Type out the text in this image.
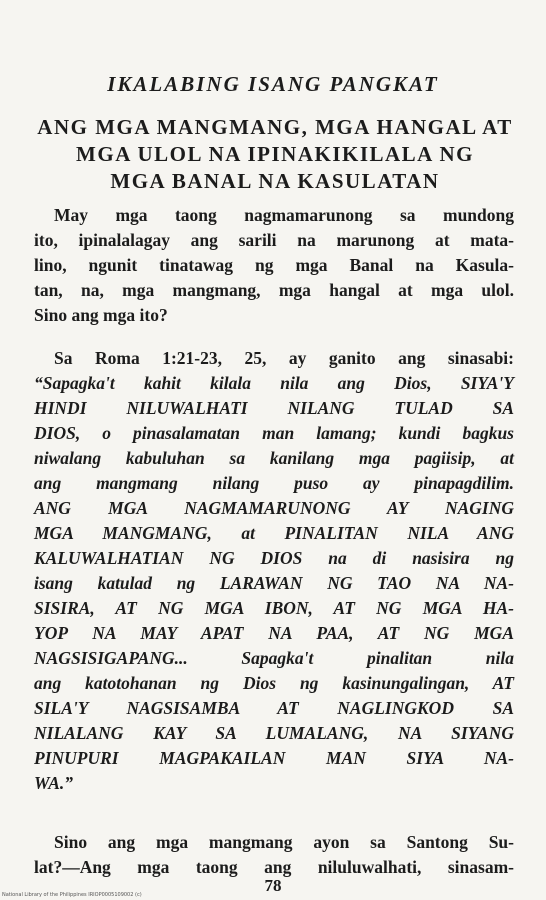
IKALABING ISANG PANGKAT
ANG MGA MANGMANG, MGA HANGAL AT
MGA ULOL NA IPINAKIKILALA NG
MGA BANAL NA KASULATAN
May mga taong nagmamarunong sa mundong
ito, ipinalalagay ang sarili na marunong at mata-
lino, ngunit tinatawag ng mga Banal na Kasula-
tan, na, mga mangmang, mga hangal at mga ulol.
Sino ang mga ito?
Sa Roma 1:21-23, 25, ay ganito ang sinasabi:
“Sapagka't kahit kilala nila ang Dios, SIYA'Y
HINDI NILUWALHATI NILANG TULAD SA
DIOS, o pinasalamatan man lamang; kundi bagkus
niwalang kabuluhan sa kanilang mga pagiisip, at
ang mangmang nilang puso ay pinapagdilim.
ANG MGA NAGMAMARUNONG AY NAGING
MGA MANGMANG, at PINALITAN NILA ANG
KALUWALHATIAN NG DIOS na di nasisira ng
isang katulad ng LARAWAN NG TAO NA NA-
SISIRA, AT NG MGA IBON, AT NG MGA HA-
YOP NA MAY APAT NA PAA, AT NG MGA
NAGSISIGAPANG... Sapagka't pinalitan nila
ang katotohanan ng Dios ng kasinungalingan, AT
SILA'Y NAGSISAMBA AT NAGLINGKOD SA
NILALANG KAY SA LUMALANG, NA SIYANG
PINUPURI MAGPAKAILAN MAN SIYA NA-
WA.”
Sino ang mga mangmang ayon sa Santong Su-
lat?—Ang mga taong ang niluluwalhati, sinasam-
78
National Library of the Philippines IRIOP0005109002 (c)
